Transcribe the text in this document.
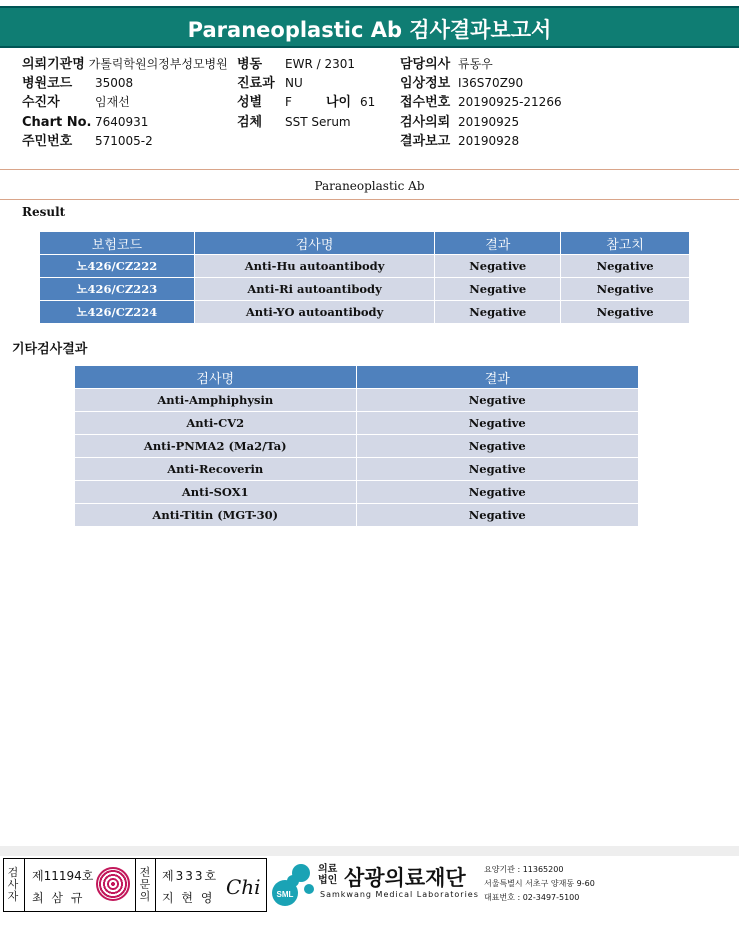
Paraneoplastic Ab 검사결과보고서
의뢰기관명 가톨릭학원의정부성모병원
병원코드 35008
수진자	임재선
Chart No. 7640931
주민번호 571005-2
병동 EWR / 2301
진료과 NU
성별 F	나이 61
검체 SST Serum
담당의사 류동우
임상정보 I36S70Z90
접수번호 20190925-21266
검사의뢰 20190925
결과보고 20190928
Paraneoplastic Ab
Result
보험코드	검사명	결과	참고치
노426/CZ222	Anti-Hu autoantibody	Negative	Negative
노426/CZ223	Anti-Ri autoantibody	Negative	Negative
노426/CZ224	Anti-YO autoantibody	Negative	Negative
기타검사결과
검사명	결과
Anti-Amphiphysin	Negative
Anti-CV2	Negative
Anti-PNMA2 (Ma2/Ta)	Negative
Anti-Recoverin	Negative
Anti-SOX1	Negative
Anti-Titin (MGT-30)	Negative
검사자
제11194호
최 삼 규
전문의
제333호
지 현 영 Chi SML
의료법인 삼광의료재단
Samkwang Medical Laboratories
요양기관 : 11365200
서울특별시 서초구 양재동 9-60
대표번호 : 02-3497-5100
